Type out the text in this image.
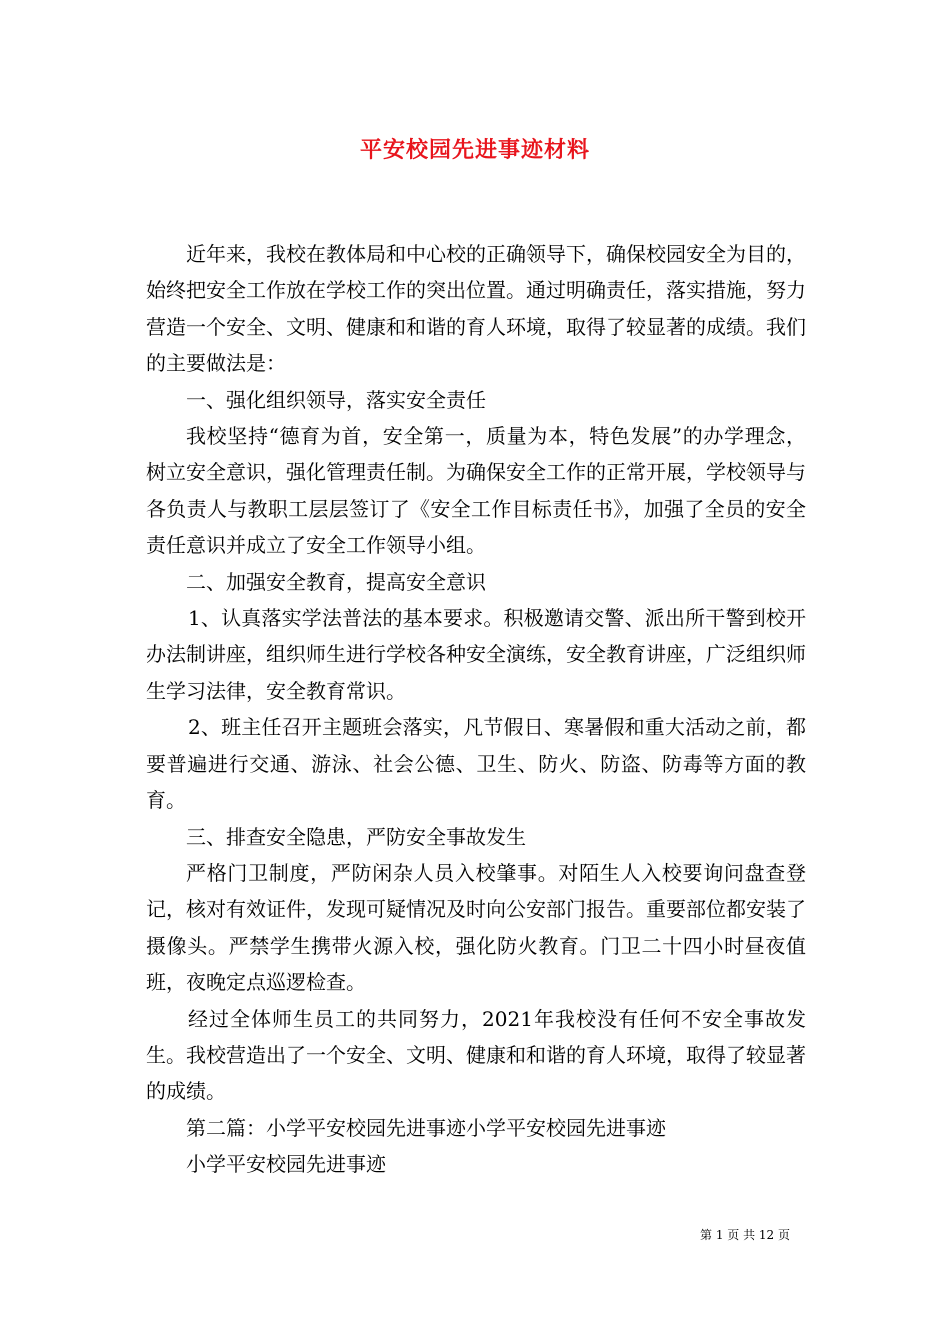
平安校园先进事迹材料

近年来，我校在教体局和中心校的正确领导下，确保校园安全为目的，始终把安全工作放在学校工作的突出位置。通过明确责任，落实措施，努力营造一个安全、文明、健康和和谐的育人环境，取得了较显著的成绩。我们的主要做法是：

一、强化组织领导，落实安全责任

我校坚持“德育为首，安全第一，质量为本，特色发展”的办学理念，树立安全意识，强化管理责任制。为确保安全工作的正常开展，学校领导与各负责人与教职工层层签订了《安全工作目标责任书》，加强了全员的安全责任意识并成立了安全工作领导小组。

二、加强安全教育，提高安全意识

1、认真落实学法普法的基本要求。积极邀请交警、派出所干警到校开办法制讲座，组织师生进行学校各种安全演练，安全教育讲座，广泛组织师生学习法律，安全教育常识。

2、班主任召开主题班会落实，凡节假日、寒暑假和重大活动之前，都要普遍进行交通、游泳、社会公德、卫生、防火、防盗、防毒等方面的教育。

三、排查安全隐患，严防安全事故发生

严格门卫制度，严防闲杂人员入校肇事。对陌生人入校要询问盘查登记，核对有效证件，发现可疑情况及时向公安部门报告。重要部位都安装了摄像头。严禁学生携带火源入校，强化防火教育。门卫二十四小时昼夜值班，夜晚定点巡逻检查。

经过全体师生员工的共同努力，2021年我校没有任何不安全事故发生。我校营造出了一个安全、文明、健康和和谐的育人环境，取得了较显著的成绩。

第二篇：小学平安校园先进事迹小学平安校园先进事迹

小学平安校园先进事迹

第 1 页 共 12 页
